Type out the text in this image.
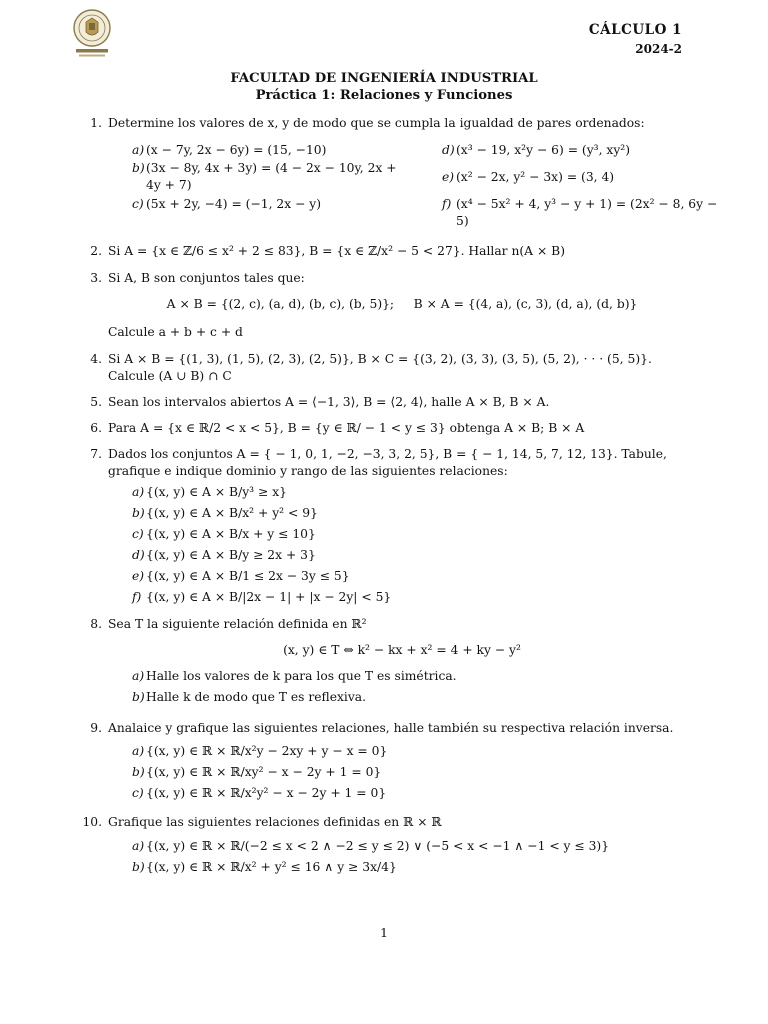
CÁLCULO 1
2024-2
FACULTAD DE INGENIERÍA INDUSTRIAL
Práctica 1: Relaciones y Funciones
1. Determine los valores de x, y de modo que se cumpla la igualdad de pares ordenados:
a) (x − 7y, 2x − 6y) = (15, −10)
b) (3x − 8y, 4x + 3y) = (4 − 2x − 10y, 2x + 4y + 7)
c) (5x + 2y, −4) = (−1, 2x − y)
d) (x³ − 19, x²y − 6) = (y³, xy²)
e) (x² − 2x, y² − 3x) = (3, 4)
f) (x⁴ − 5x² + 4, y³ − y + 1) = (2x² − 8, 6y − 5)
2. Si A = {x ∈ ℤ/6 ≤ x² + 2 ≤ 83}, B = {x ∈ ℤ/x² − 5 < 27}. Hallar n(A × B)
3. Si A, B son conjuntos tales que:
A × B = {(2, c), (a, d), (b, c), (b, 5)};     B × A = {(4, a), (c, 3), (d, a), (d, b)}
Calcule a + b + c + d
4. Si A × B = {(1, 3), (1, 5), (2, 3), (2, 5)}, B × C = {(3, 2), (3, 3), (3, 5), (5, 2), · · · (5, 5)}. Calcule (A ∪ B) ∩ C
5. Sean los intervalos abiertos A = ⟨−1, 3⟩, B = ⟨2, 4⟩, halle A × B, B × A.
6. Para A = {x ∈ ℝ/2 < x < 5}, B = {y ∈ ℝ/ − 1 < y ≤ 3} obtenga A × B; B × A
7. Dados los conjuntos A = { − 1, 0, 1, −2, −3, 3, 2, 5}, B = { − 1, 14, 5, 7, 12, 13}. Tabule, grafique e indique dominio y rango de las siguientes relaciones:
a) {(x, y) ∈ A × B/y³ ≥ x}
b) {(x, y) ∈ A × B/x² + y² < 9}
c) {(x, y) ∈ A × B/x + y ≤ 10}
d) {(x, y) ∈ A × B/y ≥ 2x + 3}
e) {(x, y) ∈ A × B/1 ≤ 2x − 3y ≤ 5}
f) {(x, y) ∈ A × B/|2x − 1| + |x − 2y| < 5}
8. Sea T la siguiente relación definida en ℝ²
(x, y) ∈ T ⇔ k² − kx + x² = 4 + ky − y²
a) Halle los valores de k para los que T es simétrica.
b) Halle k de modo que T es reflexiva.
9. Analaice y grafique las siguientes relaciones, halle también su respectiva relación inversa.
a) {(x, y) ∈ ℝ × ℝ/x²y − 2xy + y − x = 0}
b) {(x, y) ∈ ℝ × ℝ/xy² − x − 2y + 1 = 0}
c) {(x, y) ∈ ℝ × ℝ/x²y² − x − 2y + 1 = 0}
10. Grafique las siguientes relaciones definidas en ℝ × ℝ
a) {(x, y) ∈ ℝ × ℝ/(−2 ≤ x < 2 ∧ −2 ≤ y ≤ 2) ∨ (−5 < x < −1 ∧ −1 < y ≤ 3)}
b) {(x, y) ∈ ℝ × ℝ/x² + y² ≤ 16 ∧ y ≥ 3x/4}
1
